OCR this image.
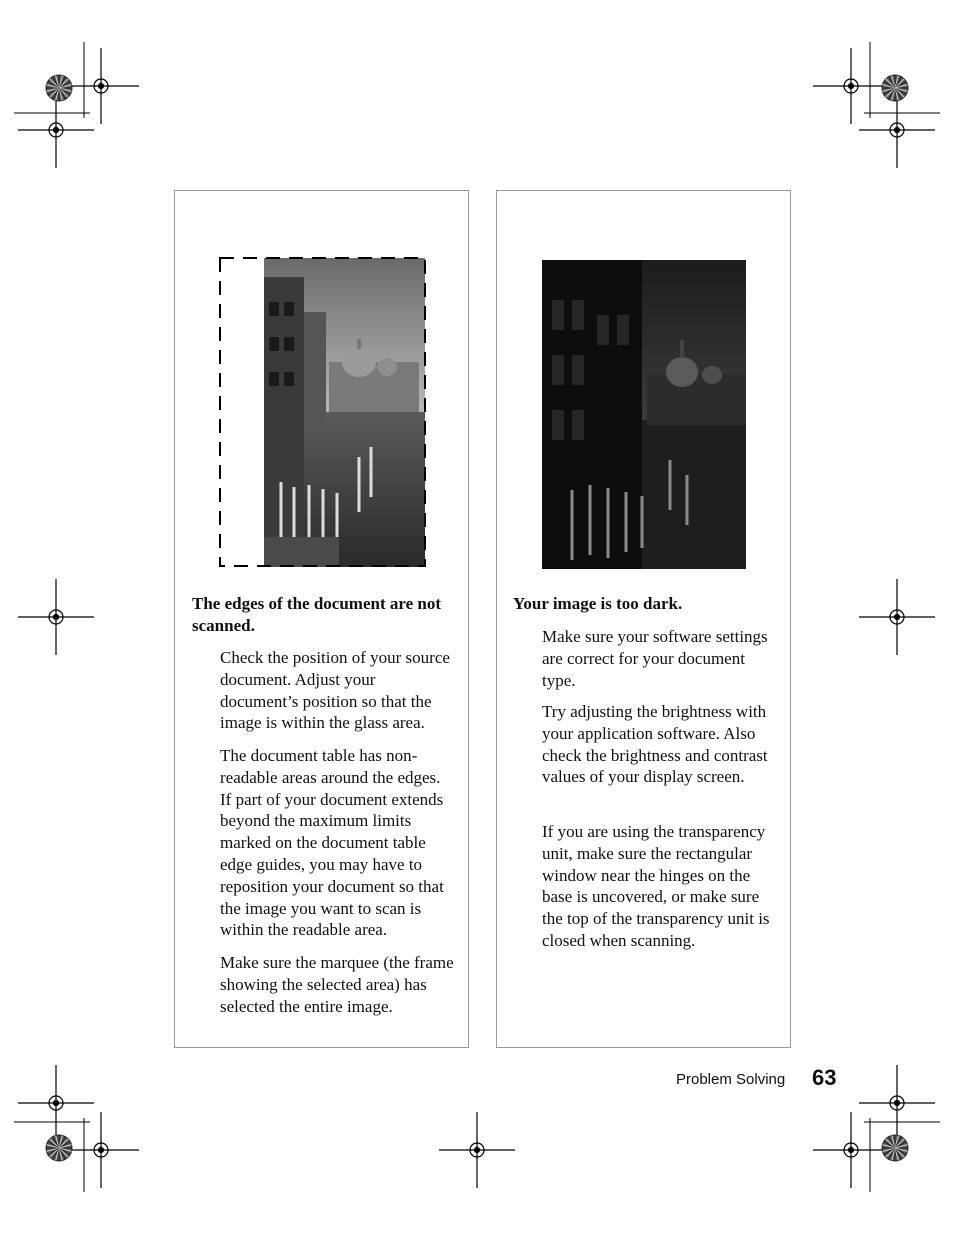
The edges of the document are not scanned.

Check the position of your source document. Adjust your document’s position so that the image is within the glass area.

The document table has non-readable areas around the edges. If part of your document extends beyond the maximum limits marked on the document table edge guides, you may have to reposition your document so that the image you want to scan is within the readable area.

Make sure the marquee (the frame showing the selected area) has selected the entire image.

Your image is too dark.

Make sure your software settings are correct for your document type.

Try adjusting the brightness with your application software. Also check the brightness and contrast values of your display screen.

If you are using the transparency unit, make sure the rectangular window near the hinges on the base is uncovered, or make sure the top of the transparency unit is closed when scanning.

Problem Solving 63
